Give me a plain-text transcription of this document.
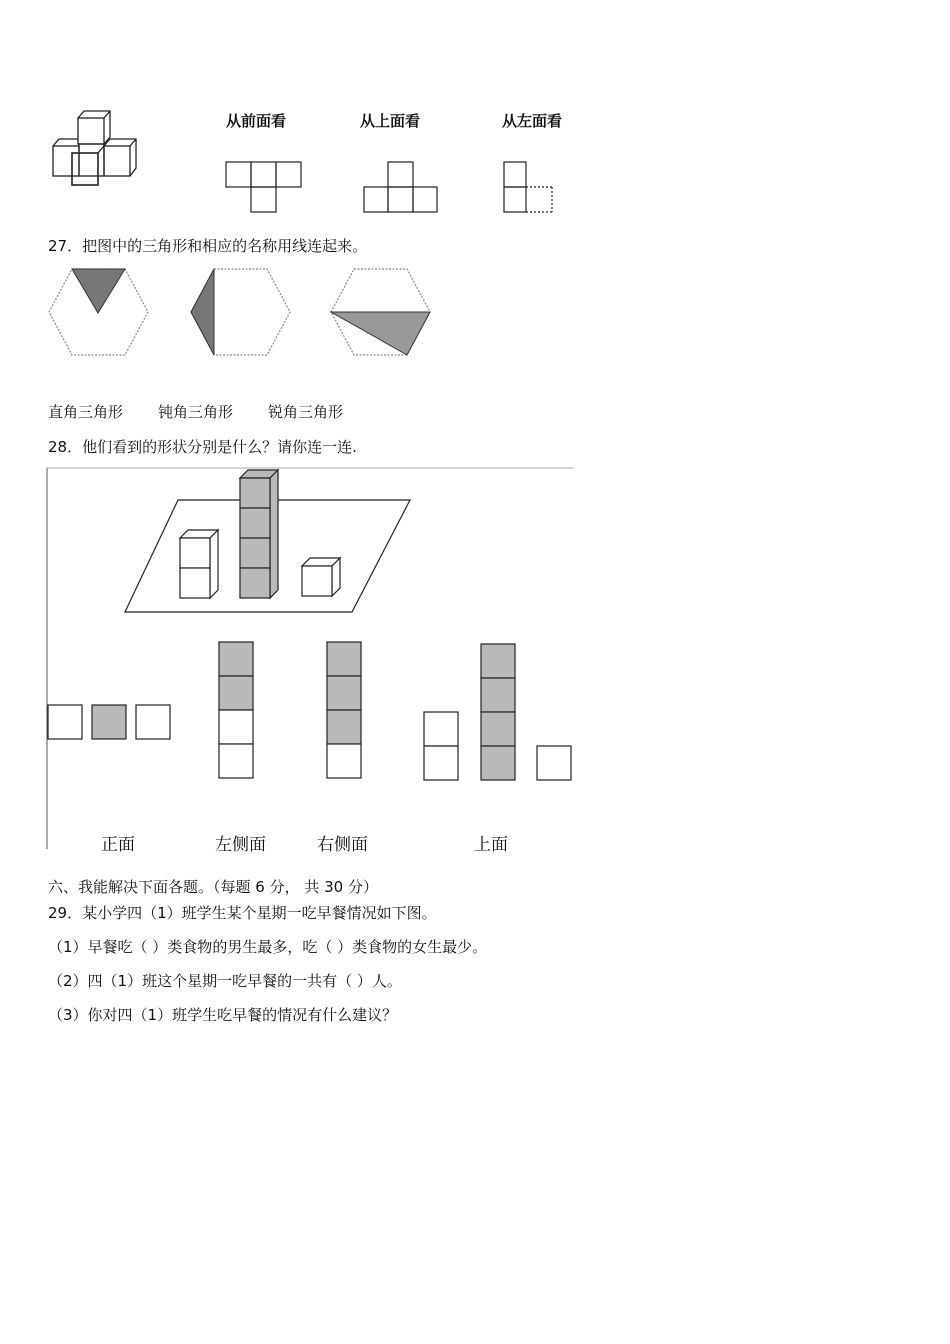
从前面看	从上面看	从左面看
27．把图中的三角形和相应的名称用线连起来。
直角三角形 钝角三角形 锐角三角形
28．他们看到的形状分别是什么？请你连一连.
正面	左侧面	右侧面	上面
六、我能解决下面各题。（每题 6 分， 共 30 分）
29．某小学四（1）班学生某个星期一吃早餐情况如下图。
（1）早餐吃（ ）类食物的男生最多，吃（ ）类食物的女生最少。
（2）四（1）班这个星期一吃早餐的一共有（ ）人。
（3）你对四（1）班学生吃早餐的情况有什么建议？
